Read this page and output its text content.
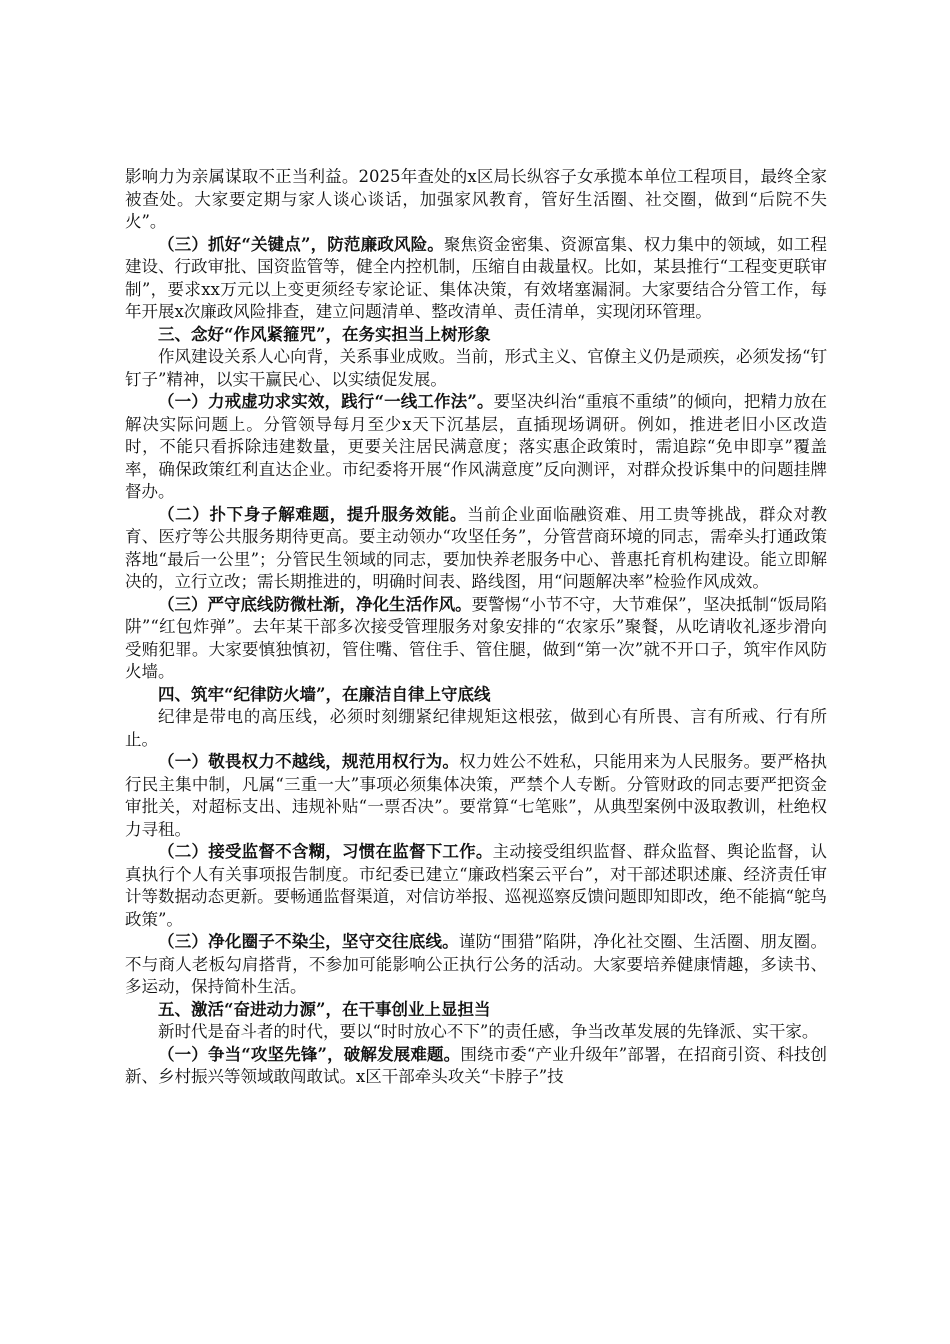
影响力为亲属谋取不正当利益。2025年查处的x区局长纵容子女承揽本单位工程项目，最终全家被查处。大家要定期与家人谈心谈话，加强家风教育，管好生活圈、社交圈，做到“后院不失火”。

（三）抓好“关键点”，防范廉政风险。聚焦资金密集、资源富集、权力集中的领域，如工程建设、行政审批、国资监管等，健全内控机制，压缩自由裁量权。比如，某县推行“工程变更联审制”，要求xx万元以上变更须经专家论证、集体决策，有效堵塞漏洞。大家要结合分管工作，每年开展x次廉政风险排查，建立问题清单、整改清单、责任清单，实现闭环管理。

三、念好“作风紧箍咒”，在务实担当上树形象

作风建设关系人心向背，关系事业成败。当前，形式主义、官僚主义仍是顽疾，必须发扬“钉钉子”精神，以实干赢民心、以实绩促发展。

（一）力戒虚功求实效，践行“一线工作法”。要坚决纠治“重痕不重绩”的倾向，把精力放在解决实际问题上。分管领导每月至少x天下沉基层，直插现场调研。例如，推进老旧小区改造时，不能只看拆除违建数量，更要关注居民满意度；落实惠企政策时，需追踪“免申即享”覆盖率，确保政策红利直达企业。市纪委将开展“作风满意度”反向测评，对群众投诉集中的问题挂牌督办。

（二）扑下身子解难题，提升服务效能。当前企业面临融资难、用工贵等挑战，群众对教育、医疗等公共服务期待更高。要主动领办“攻坚任务”，分管营商环境的同志，需牵头打通政策落地“最后一公里”；分管民生领域的同志，要加快养老服务中心、普惠托育机构建设。能立即解决的，立行立改；需长期推进的，明确时间表、路线图，用“问题解决率”检验作风成效。

（三）严守底线防微杜渐，净化生活作风。要警惕“小节不守，大节难保”，坚决抵制“饭局陷阱”“红包炸弹”。去年某干部多次接受管理服务对象安排的“农家乐”聚餐，从吃请收礼逐步滑向受贿犯罪。大家要慎独慎初，管住嘴、管住手、管住腿，做到“第一次”就不开口子，筑牢作风防火墙。

四、筑牢“纪律防火墙”，在廉洁自律上守底线

纪律是带电的高压线，必须时刻绷紧纪律规矩这根弦，做到心有所畏、言有所戒、行有所止。

（一）敬畏权力不越线，规范用权行为。权力姓公不姓私，只能用来为人民服务。要严格执行民主集中制，凡属“三重一大”事项必须集体决策，严禁个人专断。分管财政的同志要严把资金审批关，对超标支出、违规补贴“一票否决”。要常算“七笔账”，从典型案例中汲取教训，杜绝权力寻租。

（二）接受监督不含糊，习惯在监督下工作。主动接受组织监督、群众监督、舆论监督，认真执行个人有关事项报告制度。市纪委已建立“廉政档案云平台”，对干部述职述廉、经济责任审计等数据动态更新。要畅通监督渠道，对信访举报、巡视巡察反馈问题即知即改，绝不能搞“鸵鸟政策”。

（三）净化圈子不染尘，坚守交往底线。谨防“围猎”陷阱，净化社交圈、生活圈、朋友圈。不与商人老板勾肩搭背，不参加可能影响公正执行公务的活动。大家要培养健康情趣，多读书、多运动，保持简朴生活。

五、激活“奋进动力源”，在干事创业上显担当

新时代是奋斗者的时代，要以“时时放心不下”的责任感，争当改革发展的先锋派、实干家。

（一）争当“攻坚先锋”，破解发展难题。围绕市委“产业升级年”部署，在招商引资、科技创新、乡村振兴等领域敢闯敢试。x区干部牵头攻关“卡脖子”技
